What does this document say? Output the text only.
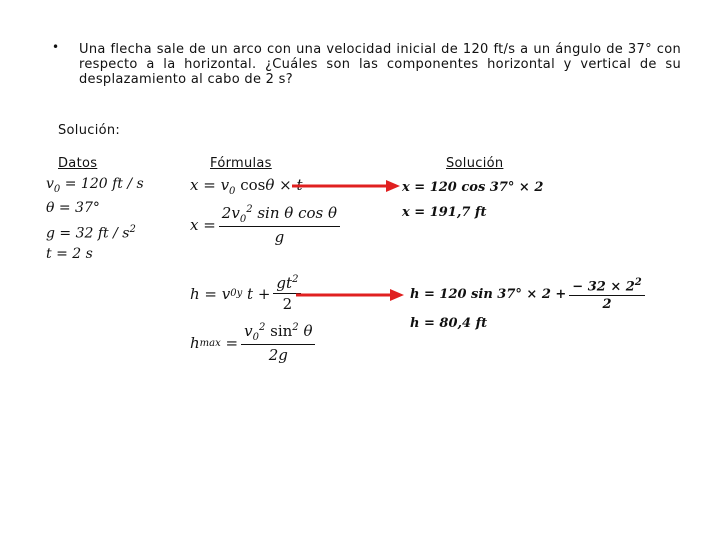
• Una flecha sale de un arco con una velocidad inicial de 120 ft/s a un ángulo de 37° con respecto a la horizontal. ¿Cuáles son las componentes horizontal y vertical de su desplazamiento al cabo de 2 s?
Solución:
Datos	Fórmulas	Solución
$v_0 = 120$ ft / s
θ = 37°
g = 32 ft / $s^2$
t = 2 s
$x = v_0$ cosθ × t
$x = \frac{2v_0^2 \sin \theta \cos \theta}{g}$
h = v 0y
$t + \frac{gt^2}{2}$
h max
= $\frac{v_0^2 \sin^2 \theta}{2g}$
x = 120 cos 37° × 2
x = 191,7 ft
h = 120 $\sin 37^\circ \times 2 + \frac{- 32 \times 2^2}{2}$
h = 80,4 ft
